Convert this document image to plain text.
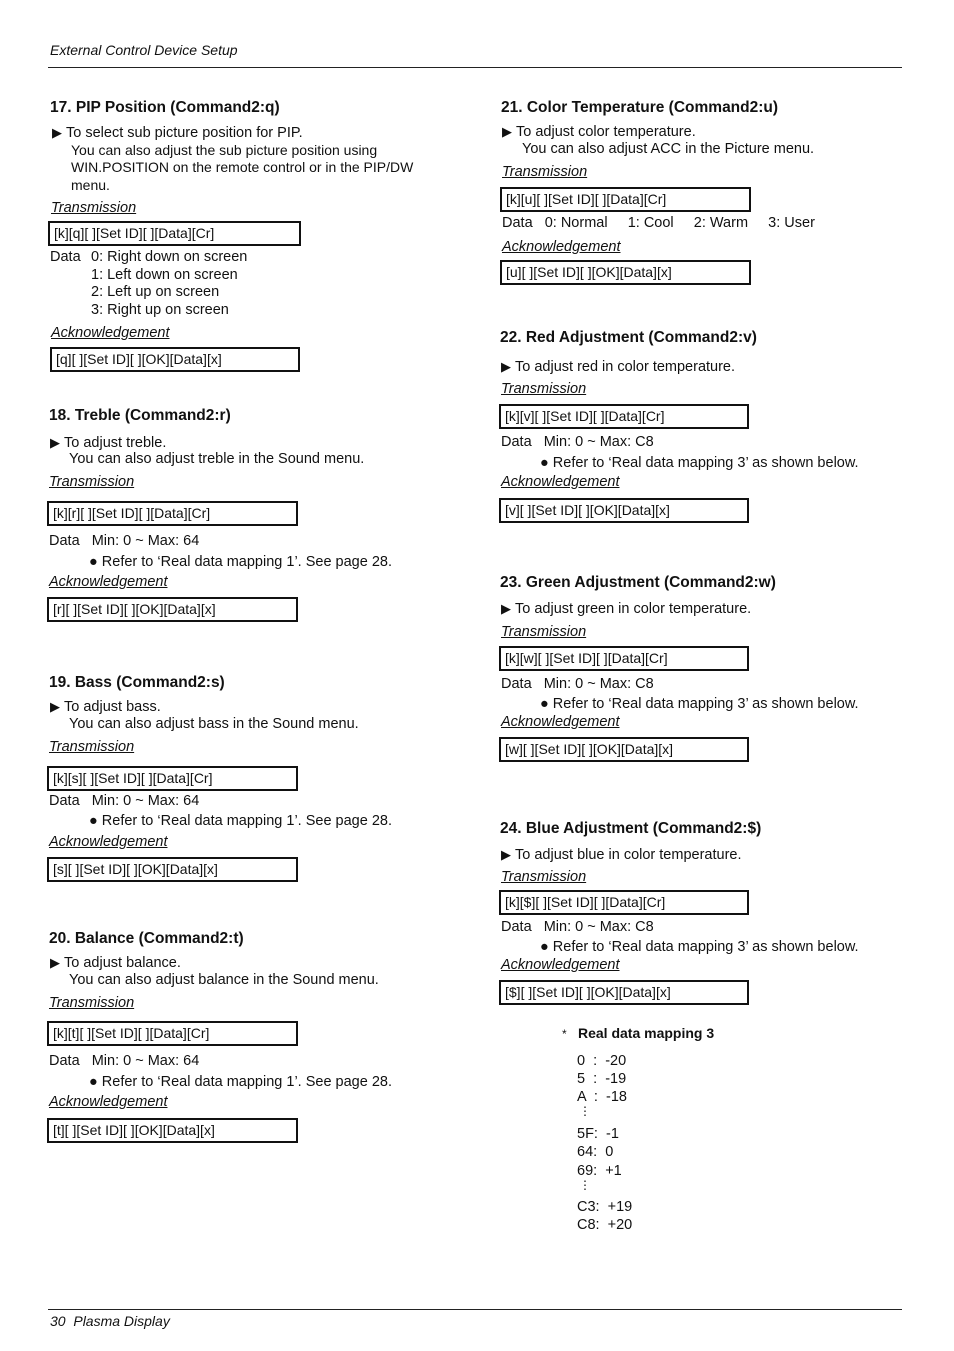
External Control Device Setup
17. PIP Position (Command2:q)
▶ To select sub picture position for PIP.
You can also adjust the sub picture position using
WIN.POSITION on the remote control or in the PIP/DW
menu.
Transmission
[k][q][ ][Set ID][ ][Data][Cr]
Data 0: Right down on screen
1: Left down on screen
2: Left up on screen
3: Right up on screen
Acknowledgement
[q][ ][Set ID][ ][OK][Data][x]
18. Treble (Command2:r)
▶ To adjust treble.
You can also adjust treble in the Sound menu.
Transmission
[k][r][ ][Set ID][ ][Data][Cr]
Data   Min: 0 ~ Max: 64
● Refer to ‘Real data mapping 1’. See page 28.
Acknowledgement
[r][ ][Set ID][ ][OK][Data][x]
19. Bass (Command2:s)
▶ To adjust bass.
You can also adjust bass in the Sound menu.
Transmission
[k][s][ ][Set ID][ ][Data][Cr]
Data   Min: 0 ~ Max: 64
● Refer to ‘Real data mapping 1’. See page 28.
Acknowledgement
[s][ ][Set ID][ ][OK][Data][x]
20. Balance (Command2:t)
▶ To adjust balance.
You can also adjust balance in the Sound menu.
Transmission
[k][t][ ][Set ID][ ][Data][Cr]
Data   Min: 0 ~ Max: 64
● Refer to ‘Real data mapping 1’. See page 28.
Acknowledgement
[t][ ][Set ID][ ][OK][Data][x]
21. Color Temperature (Command2:u)
▶ To adjust color temperature.
You can also adjust ACC in the Picture menu.
Transmission
[k][u][ ][Set ID][ ][Data][Cr]
Data   0: Normal     1: Cool     2: Warm     3: User
Acknowledgement
[u][ ][Set ID][ ][OK][Data][x]
22. Red Adjustment (Command2:v)
▶ To adjust red in color temperature.
Transmission
[k][v][ ][Set ID][ ][Data][Cr]
Data   Min: 0 ~ Max: C8
● Refer to ‘Real data mapping 3’ as shown below.
Acknowledgement
[v][ ][Set ID][ ][OK][Data][x]
23. Green Adjustment (Command2:w)
▶ To adjust green in color temperature.
Transmission
[k][w][ ][Set ID][ ][Data][Cr]
Data   Min: 0 ~ Max: C8
● Refer to ‘Real data mapping 3’ as shown below.
Acknowledgement
[w][ ][Set ID][ ][OK][Data][x]
24. Blue Adjustment (Command2:$)
▶ To adjust blue in color temperature.
Transmission
[k][$][ ][Set ID][ ][Data][Cr]
Data   Min: 0 ~ Max: C8
● Refer to ‘Real data mapping 3’ as shown below.
Acknowledgement
[$][ ][Set ID][ ][OK][Data][x]
* Real data mapping 3
0  :  -20
5  :  -19
A  :  -18
⋮
5F:  -1
64:  0
69:  +1
⋮
C3:  +19
C8:  +20
30  Plasma Display
